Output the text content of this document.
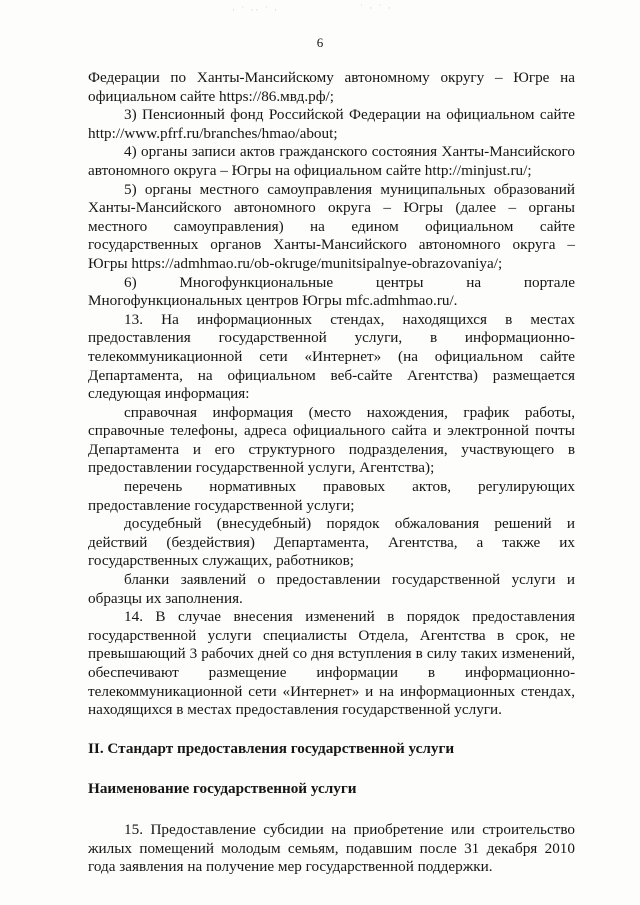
· ˙ ·· ˙ ·	˙ · ˙ ·
6

Федерации по Ханты-Мансийскому автономному округу – Югре на официальном сайте https://86.мвд.рф/;

3) Пенсионный фонд Российской Федерации на официальном сайте http://www.pfrf.ru/branches/hmao/about;

4) органы записи актов гражданского состояния Ханты-Мансийского автономного округа – Югры на официальном сайте http://minjust.ru/;

5) органы местного самоуправления муниципальных образований Ханты-Мансийского автономного округа – Югры (далее – органы местного самоуправления) на едином официальном сайте государственных органов Ханты-Мансийского автономного округа – Югры https://admhmao.ru/ob-okruge/munitsipalnye-obrazovaniya/;

6) Многофункциональные центры на портале Многофункциональных центров Югры mfc.admhmao.ru/.

13. На информационных стендах, находящихся в местах предоставления государственной услуги, в информационно-телекоммуникационной сети «Интернет» (на официальном сайте Департамента, на официальном веб-сайте Агентства) размещается следующая информация:

справочная информация (место нахождения, график работы, справочные телефоны, адреса официального сайта и электронной почты Департамента и его структурного подразделения, участвующего в предоставлении государственной услуги, Агентства);

перечень нормативных правовых актов, регулирующих предоставление государственной услуги;

досудебный (внесудебный) порядок обжалования решений и действий (бездействия) Департамента, Агентства, а также их государственных служащих, работников;

бланки заявлений о предоставлении государственной услуги и образцы их заполнения.

14. В случае внесения изменений в порядок предоставления государственной услуги специалисты Отдела, Агентства в срок, не превышающий 3 рабочих дней со дня вступления в силу таких изменений, обеспечивают размещение информации в информационно-телекоммуникационной сети «Интернет» и на информационных стендах, находящихся в местах предоставления государственной услуги.

II. Стандарт предоставления государственной услуги

Наименование государственной услуги

15. Предоставление субсидии на приобретение или строительство жилых помещений молодым семьям, подавшим после 31 декабря 2010 года заявления на получение мер государственной поддержки.
